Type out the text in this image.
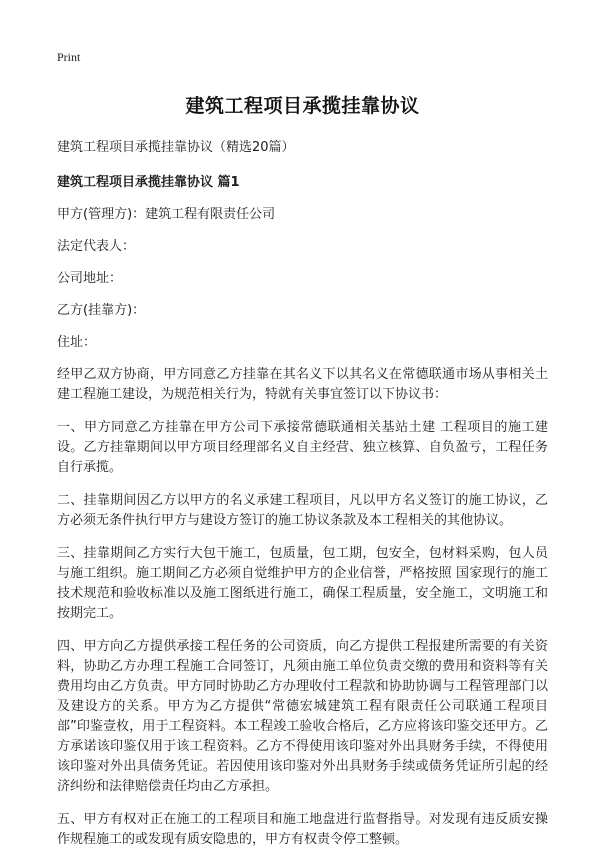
Print
建筑工程项目承揽挂靠协议
建筑工程项目承揽挂靠协议（精选20篇）
建筑工程项目承揽挂靠协议 篇1
甲方(管理方)：建筑工程有限责任公司
法定代表人：
公司地址：
乙方(挂靠方)：
住址：
经甲乙双方协商，甲方同意乙方挂靠在其名义下以其名义在常德联通市场从事相关土建工程施工建设，为规范相关行为，特就有关事宜签订以下协议书：
一、甲方同意乙方挂靠在甲方公司下承接常德联通相关基站土建 工程项目的施工建设。乙方挂靠期间以甲方项目经理部名义自主经营、独立核算、自负盈亏，工程任务自行承揽。
二、挂靠期间因乙方以甲方的名义承建工程项目，凡以甲方名义签订的施工协议，乙方必须无条件执行甲方与建设方签订的施工协议条款及本工程相关的其他协议。
三、挂靠期间乙方实行大包干施工，包质量，包工期，包安全，包材料采购，包人员与施工组织。施工期间乙方必须自觉维护甲方的企业信誉，严格按照 国家现行的施工技术规范和验收标准以及施工图纸进行施工，确保工程质量，安全施工，文明施工和按期完工。
四、甲方向乙方提供承接工程任务的公司资质，向乙方提供工程报建所需要的有关资料，协助乙方办理工程施工合同签订，凡须由施工单位负责交缴的费用和资料等有关费用均由乙方负责。甲方同时协助乙方办理收付工程款和协助协调与工程管理部门以及建设方的关系。甲方为乙方提供“常德宏城建筑工程有限责任公司联通工程项目部”印鉴壹枚，用于工程资料。本工程竣工验收合格后，乙方应将该印鉴交还甲方。乙方承诺该印鉴仅用于该工程资料。乙方不得使用该印鉴对外出具财务手续，不得使用该印鉴对外出具债务凭证。若因使用该印鉴对外出具财务手续或债务凭证所引起的经济纠纷和法律赔偿责任均由乙方承担。
五、甲方有权对正在施工的工程项目和施工地盘进行监督指导。对发现有违反质安操作规程施工的或发现有质安隐患的，甲方有权责令停工整顿。
